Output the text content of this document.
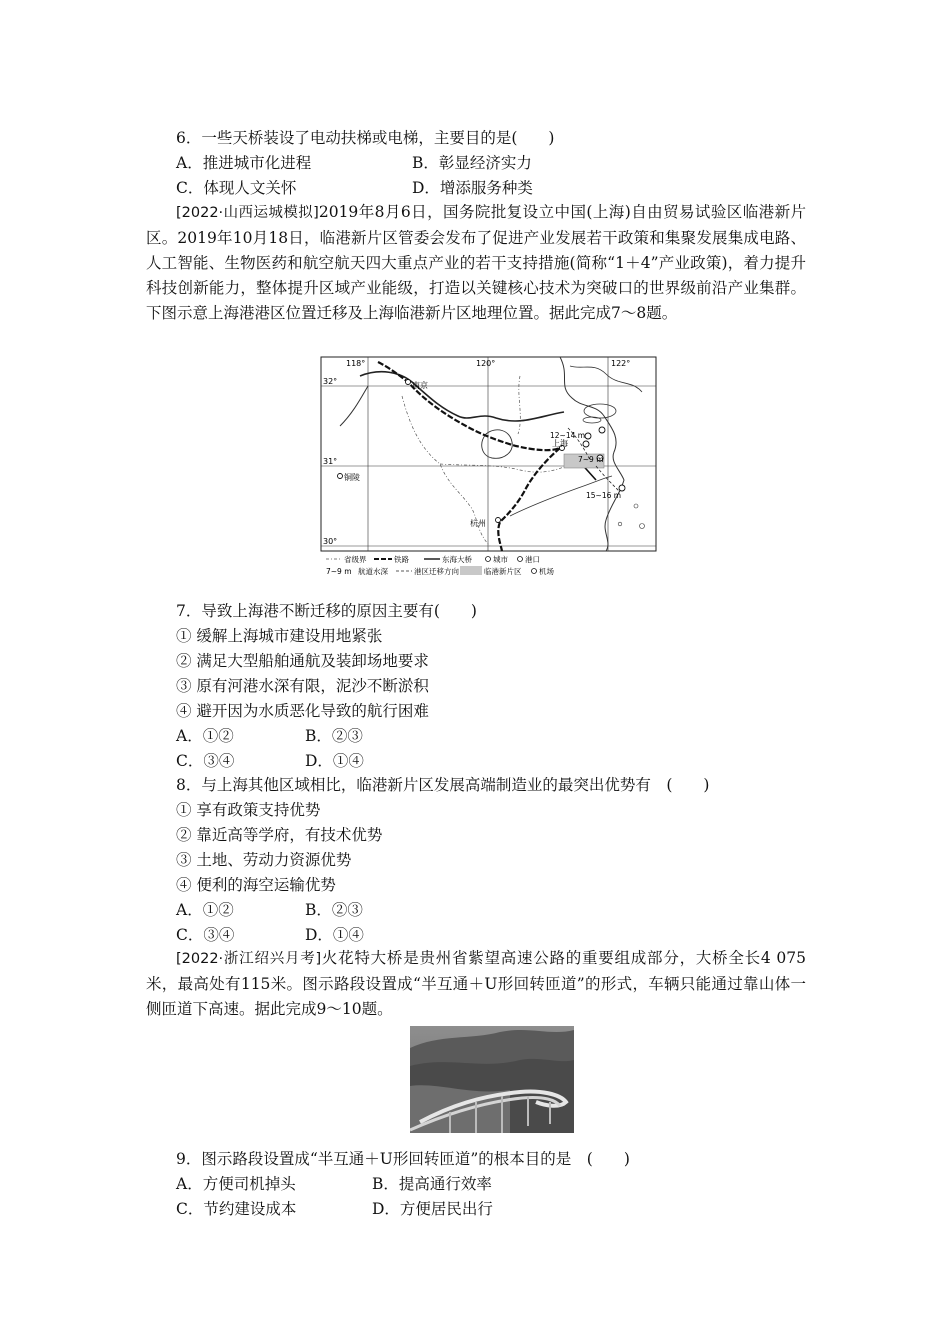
6．一些天桥装设了电动扶梯或电梯，主要目的是(　　)
A．推进城市化进程	B．彰显经济实力
C．体现人文关怀	D．增添服务种类
[2022·山西运城模拟]2019年8月6日，国务院批复设立中国(上海)自由贸易试验区临港新片区。2019年10月18日，临港新片区管委会发布了促进产业发展若干政策和集聚发展集成电路、人工智能、生物医药和航空航天四大重点产业的若干支持措施(简称“1＋4”产业政策)，着力提升科技创新能力，整体提升区域产业能级，打造以关键核心技术为突破口的世界级前沿产业集群。下图示意上海港港区位置迁移及上海临港新片区地理位置。据此完成7～8题。
118°	120°	122°
32°
31°
30°
南京
上海
杭州
铜陵
12~14 m
7~9 m
15~16 m
省级界	铁路	东海大桥	城市 港口
7~9 m 航道水深	港区迁移方向	临港新片区 机场
7．导致上海港不断迁移的原因主要有(　　)
① 缓解上海城市建设用地紧张
② 满足大型船舶通航及装卸场地要求
③ 原有河港水深有限，泥沙不断淤积
④ 避开因为水质恶化导致的航行困难
A．①②	B．②③
C．③④	D．①④
8．与上海其他区域相比，临港新片区发展高端制造业的最突出优势有　(　　)
① 享有政策支持优势
② 靠近高等学府，有技术优势
③ 土地、劳动力资源优势
④ 便利的海空运输优势
A．①②	B．②③
C．③④	D．①④
[2022·浙江绍兴月考]火花特大桥是贵州省紫望高速公路的重要组成部分，大桥全长4 075米，最高处有115米。图示路段设置成“半互通＋U形回转匝道”的形式，车辆只能通过靠山体一侧匝道下高速。据此完成9～10题。
9．图示路段设置成“半互通＋U形回转匝道”的根本目的是　(　　)
A．方便司机掉头	B．提高通行效率
C．节约建设成本	D．方便居民出行
